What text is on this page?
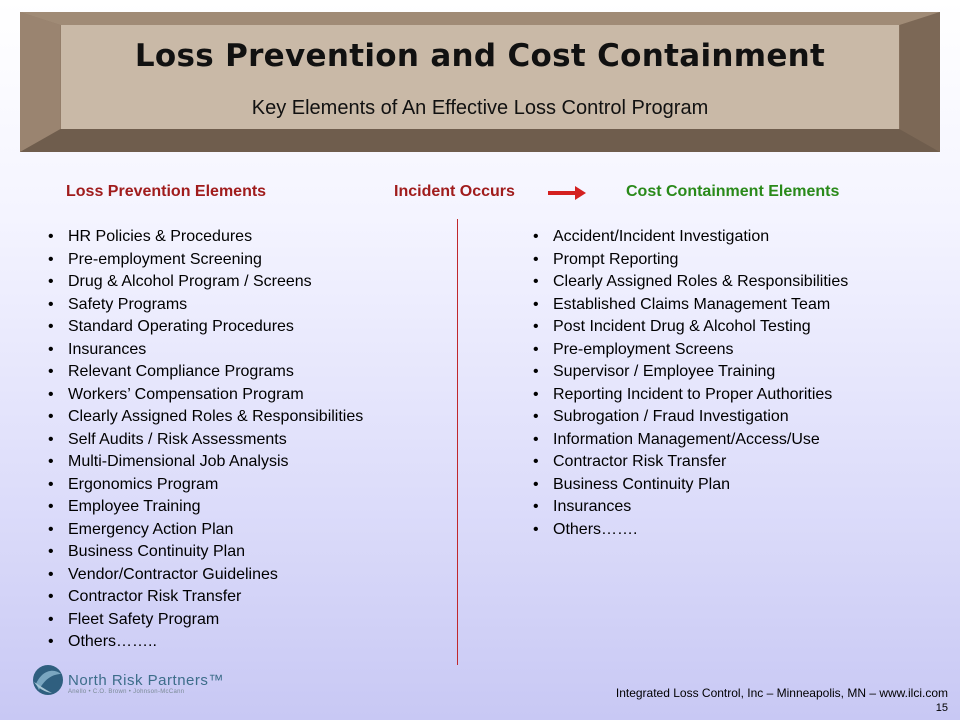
Loss Prevention and Cost Containment
Key Elements of An Effective Loss Control Program
Loss Prevention Elements	Incident Occurs	Cost Containment Elements
• HR Policies & Procedures
• Pre-employment Screening
• Drug & Alcohol Program / Screens
• Safety Programs
• Standard Operating Procedures
• Insurances
• Relevant Compliance Programs
• Workers’ Compensation Program
• Clearly Assigned Roles & Responsibilities
• Self Audits / Risk Assessments
• Multi-Dimensional Job Analysis
• Ergonomics Program
• Employee Training
• Emergency Action Plan
• Business Continuity Plan
• Vendor/Contractor Guidelines
• Contractor Risk Transfer
• Fleet Safety Program
• Others……..
• Accident/Incident Investigation
• Prompt Reporting
• Clearly Assigned Roles & Responsibilities
• Established Claims Management Team
• Post Incident Drug & Alcohol Testing
• Pre-employment Screens
• Supervisor / Employee Training
• Reporting Incident to Proper Authorities
• Subrogation / Fraud Investigation
• Information Management/Access/Use
• Contractor Risk Transfer
• Business Continuity Plan
• Insurances
• Others…….
North Risk Partners™
Anello • C.O. Brown • Johnson-McCann	Integrated Loss Control, Inc – Minneapolis, MN – www.ilci.com
15
